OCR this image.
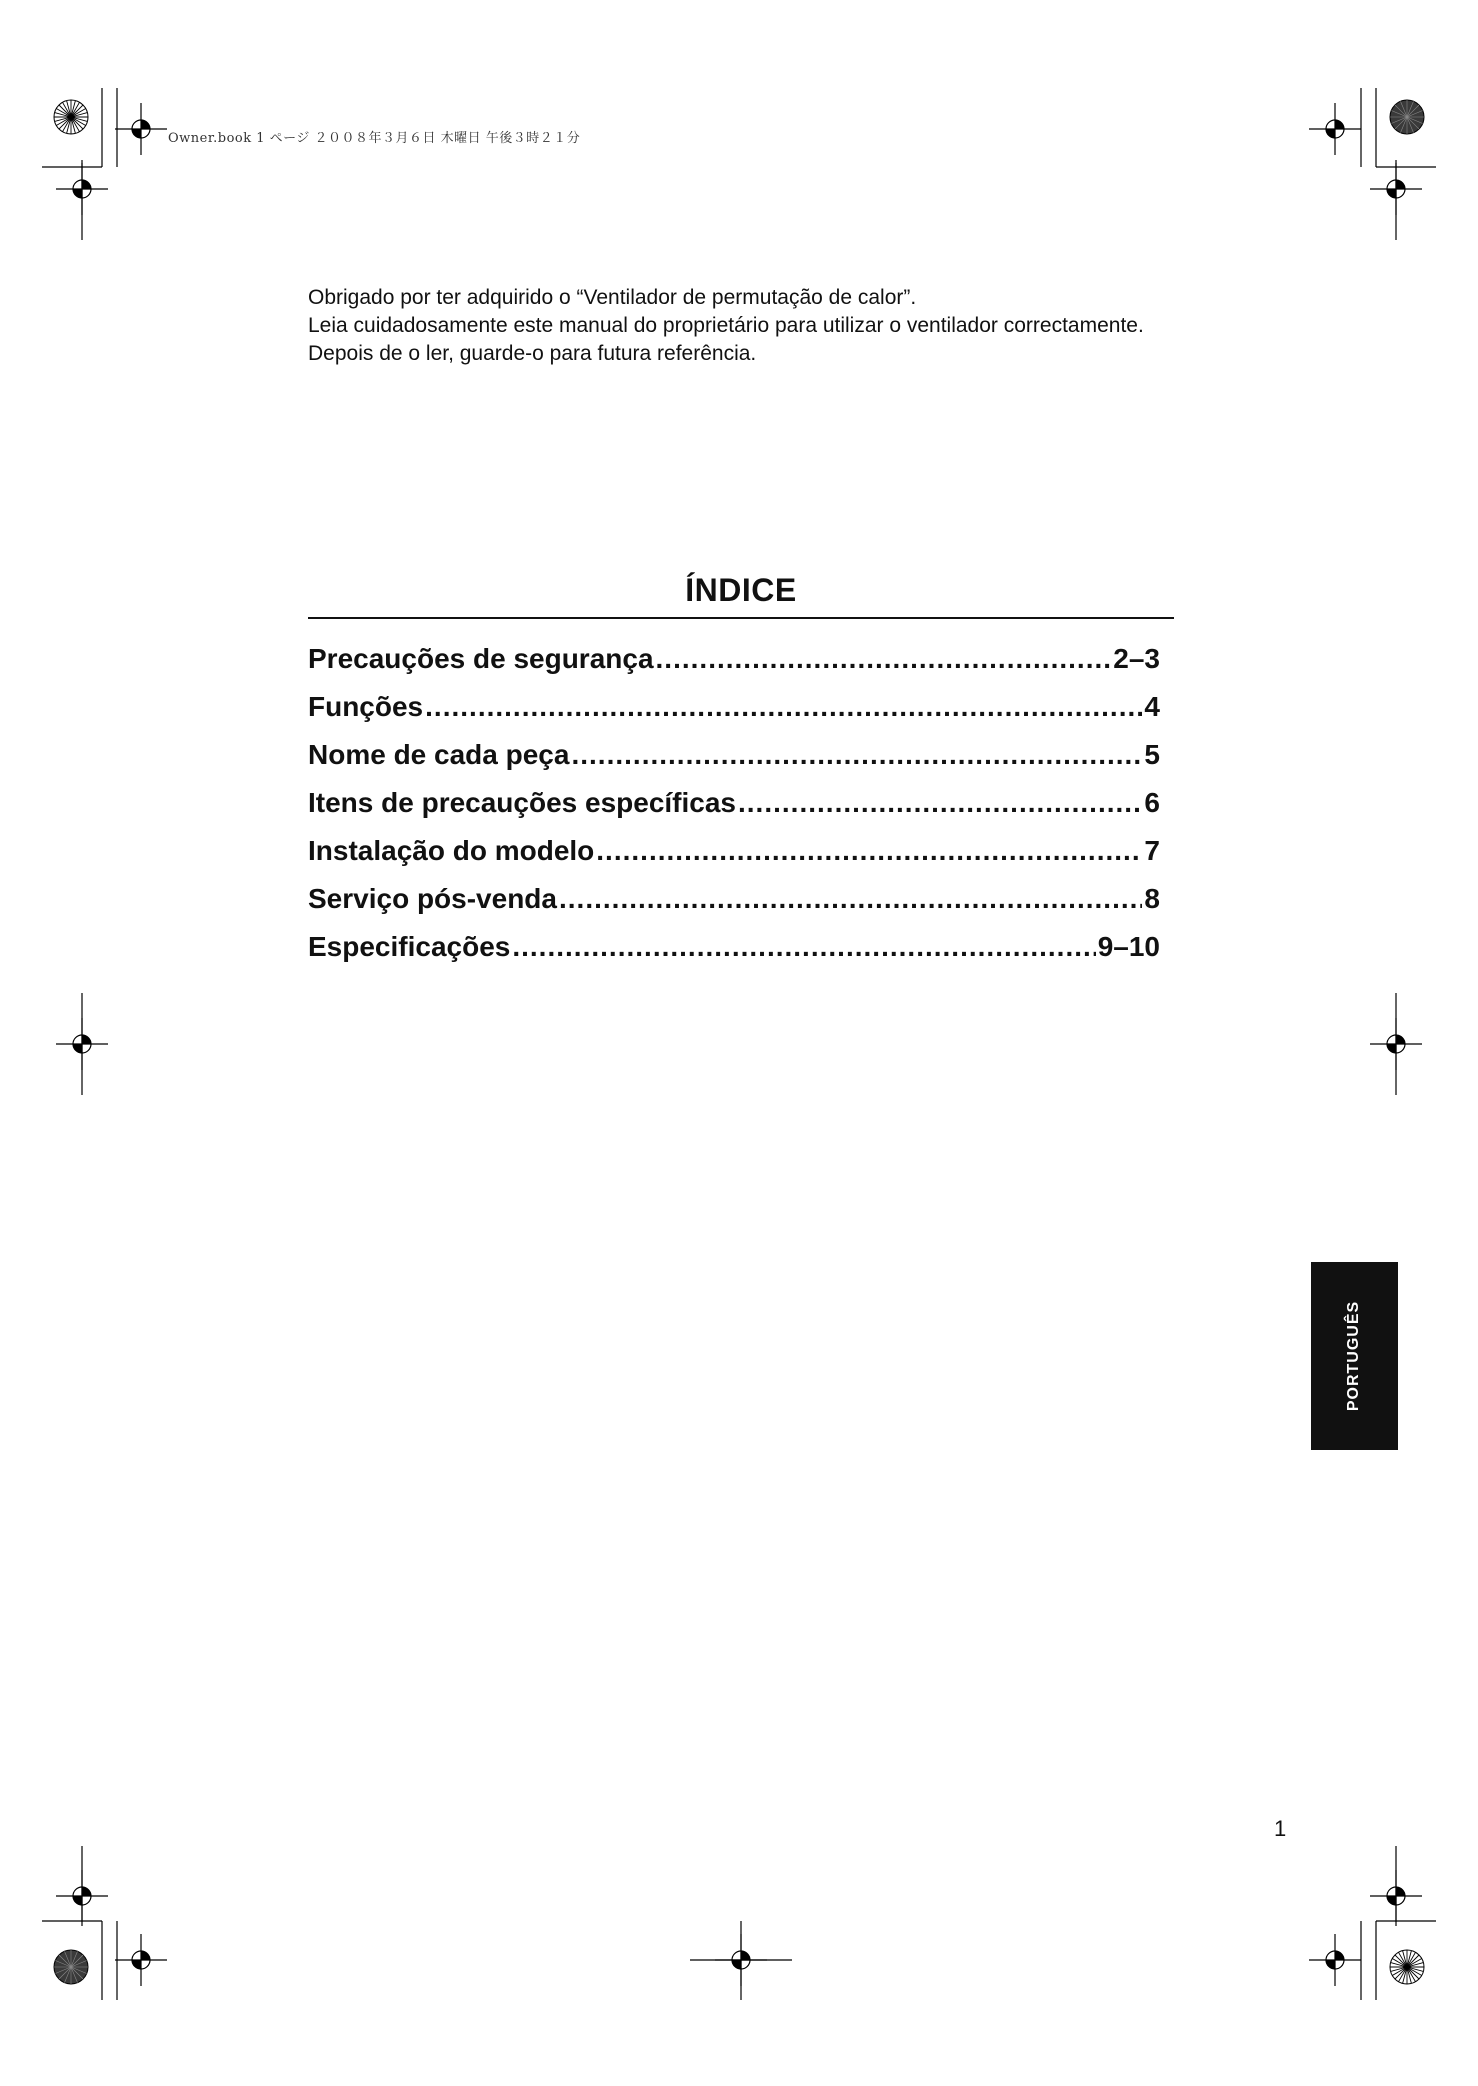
Owner.book 1 ページ ２００８年３月６日 木曜日 午後３時２１分
Obrigado por ter adquirido o “Ventilador de permutação de calor”.
Leia cuidadosamente este manual do proprietário para utilizar o ventilador correctamente.
Depois de o ler, guarde-o para futura referência.
ÍNDICE
Precauções de segurança .....	2–3
Funções .....	4
Nome de cada peça .....	5
Itens de precauções específicas .....	6
Instalação do modelo .....	7
Serviço pós-venda .....	8
Especificações .....	9–10
PORTUGUÊS
1
